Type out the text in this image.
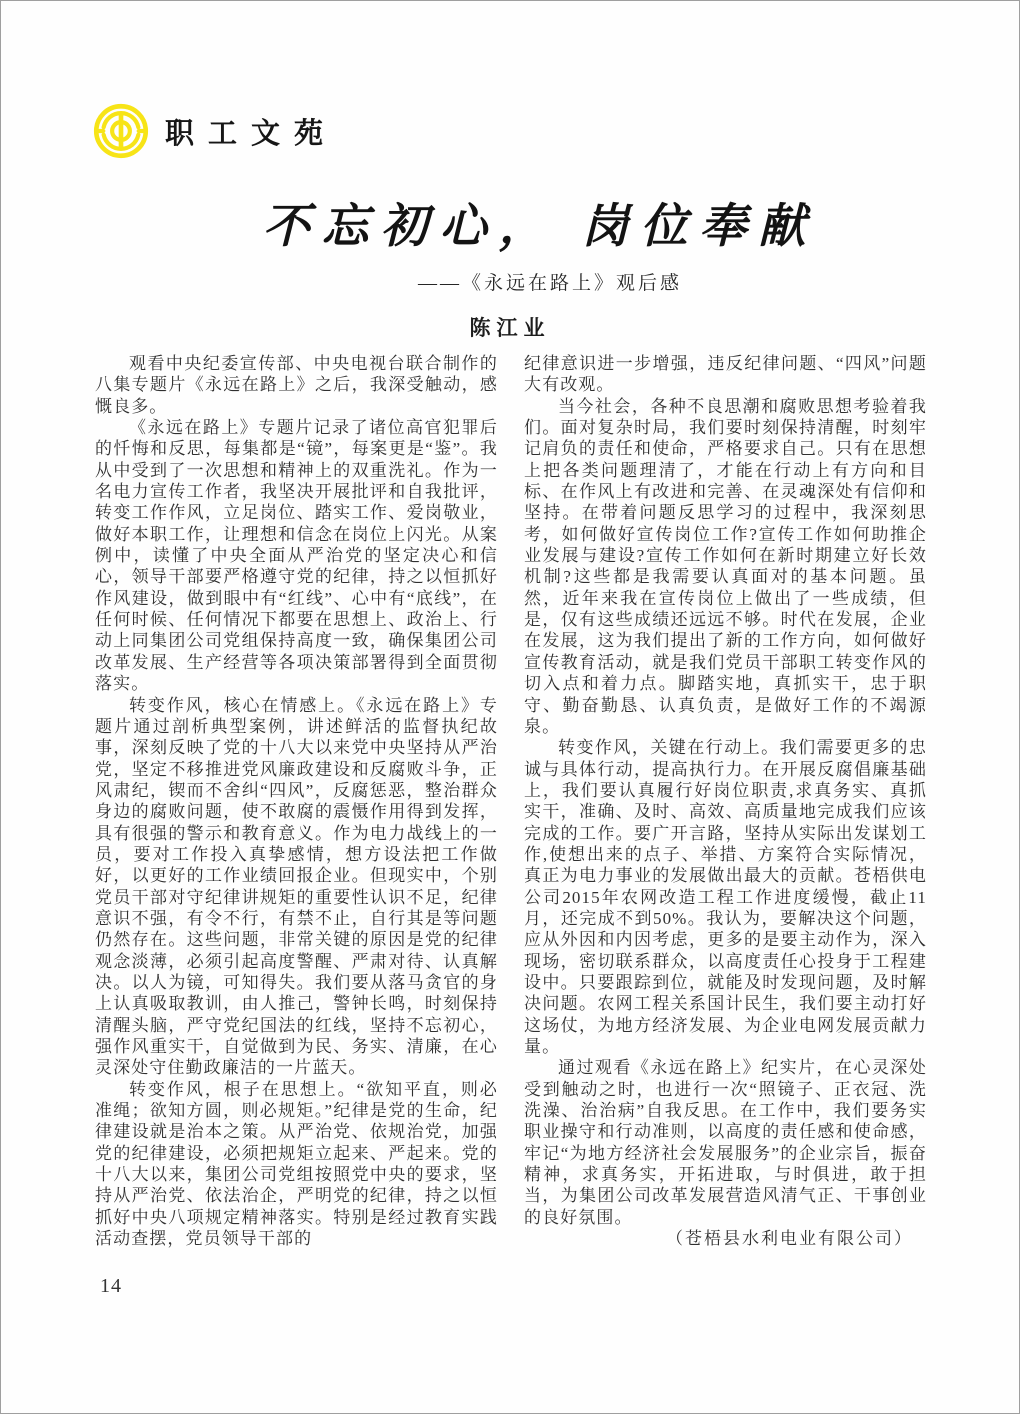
职工文苑
不忘初心， 岗位奉献
——《永远在路上》观后感
陈江业

观看中央纪委宣传部、中央电视台联合制作的八集专题片《永远在路上》之后，我深受触动，感慨良多。

《永远在路上》专题片记录了诸位高官犯罪后的忏悔和反思，每集都是“镜”，每案更是“鉴”。我从中受到了一次思想和精神上的双重洗礼。作为一名电力宣传工作者，我坚决开展批评和自我批评，转变工作作风，立足岗位、踏实工作、爱岗敬业，做好本职工作，让理想和信念在岗位上闪光。从案例中，读懂了中央全面从严治党的坚定决心和信心，领导干部要严格遵守党的纪律，持之以恒抓好作风建设，做到眼中有“红线”、心中有“底线”，在任何时候、任何情况下都要在思想上、政治上、行动上同集团公司党组保持高度一致，确保集团公司改革发展、生产经营等各项决策部署得到全面贯彻落实。

转变作风，核心在情感上。《永远在路上》专题片通过剖析典型案例，讲述鲜活的监督执纪故事，深刻反映了党的十八大以来党中央坚持从严治党，坚定不移推进党风廉政建设和反腐败斗争，正风肃纪，锲而不舍纠“四风”，反腐惩恶，整治群众身边的腐败问题，使不敢腐的震慑作用得到发挥，具有很强的警示和教育意义。作为电力战线上的一员，要对工作投入真挚感情，想方设法把工作做好，以更好的工作业绩回报企业。但现实中，个别党员干部对守纪律讲规矩的重要性认识不足，纪律意识不强，有令不行，有禁不止，自行其是等问题仍然存在。这些问题，非常关键的原因是党的纪律观念淡薄，必须引起高度警醒、严肃对待、认真解决。以人为镜，可知得失。我们要从落马贪官的身上认真吸取教训，由人推己，警钟长鸣，时刻保持清醒头脑，严守党纪国法的红线，坚持不忘初心，强作风重实干，自觉做到为民、务实、清廉，在心灵深处守住勤政廉洁的一片蓝天。

转变作风，根子在思想上。“欲知平直，则必准绳；欲知方圆，则必规矩。”纪律是党的生命，纪律建设就是治本之策。从严治党、依规治党，加强党的纪律建设，必须把规矩立起来、严起来。党的十八大以来，集团公司党组按照党中央的要求，坚持从严治党、依法治企，严明党的纪律，持之以恒抓好中央八项规定精神落实。特别是经过教育实践活动查摆，党员领导干部的

纪律意识进一步增强，违反纪律问题、“四风”问题大有改观。

当今社会，各种不良思潮和腐败思想考验着我们。面对复杂时局，我们要时刻保持清醒，时刻牢记肩负的责任和使命，严格要求自己。只有在思想上把各类问题理清了，才能在行动上有方向和目标、在作风上有改进和完善、在灵魂深处有信仰和坚持。在带着问题反思学习的过程中，我深刻思考，如何做好宣传岗位工作?宣传工作如何助推企业发展与建设?宣传工作如何在新时期建立好长效机制?这些都是我需要认真面对的基本问题。虽然，近年来我在宣传岗位上做出了一些成绩，但是，仅有这些成绩还远远不够。时代在发展，企业在发展，这为我们提出了新的工作方向，如何做好宣传教育活动，就是我们党员干部职工转变作风的切入点和着力点。脚踏实地，真抓实干，忠于职守、勤奋勤恳、认真负责，是做好工作的不竭源泉。

转变作风，关键在行动上。我们需要更多的忠诚与具体行动，提高执行力。在开展反腐倡廉基础上，我们要认真履行好岗位职责,求真务实、真抓实干，准确、及时、高效、高质量地完成我们应该完成的工作。要广开言路，坚持从实际出发谋划工作,使想出来的点子、举措、方案符合实际情况，真正为电力事业的发展做出最大的贡献。苍梧供电公司2015年农网改造工程工作进度缓慢，截止11月，还完成不到50%。我认为，要解决这个问题，应从外因和内因考虑，更多的是要主动作为，深入现场，密切联系群众，以高度责任心投身于工程建设中。只要跟踪到位，就能及时发现问题，及时解决问题。农网工程关系国计民生，我们要主动打好这场仗，为地方经济发展、为企业电网发展贡献力量。

通过观看《永远在路上》纪实片，在心灵深处受到触动之时，也进行一次“照镜子、正衣冠、洗洗澡、治治病”自我反思。在工作中，我们要务实职业操守和行动准则，以高度的责任感和使命感，牢记“为地方经济社会发展服务”的企业宗旨，振奋精神，求真务实，开拓进取，与时俱进，敢于担当，为集团公司改革发展营造风清气正、干事创业的良好氛围。

（苍梧县水利电业有限公司）

14
